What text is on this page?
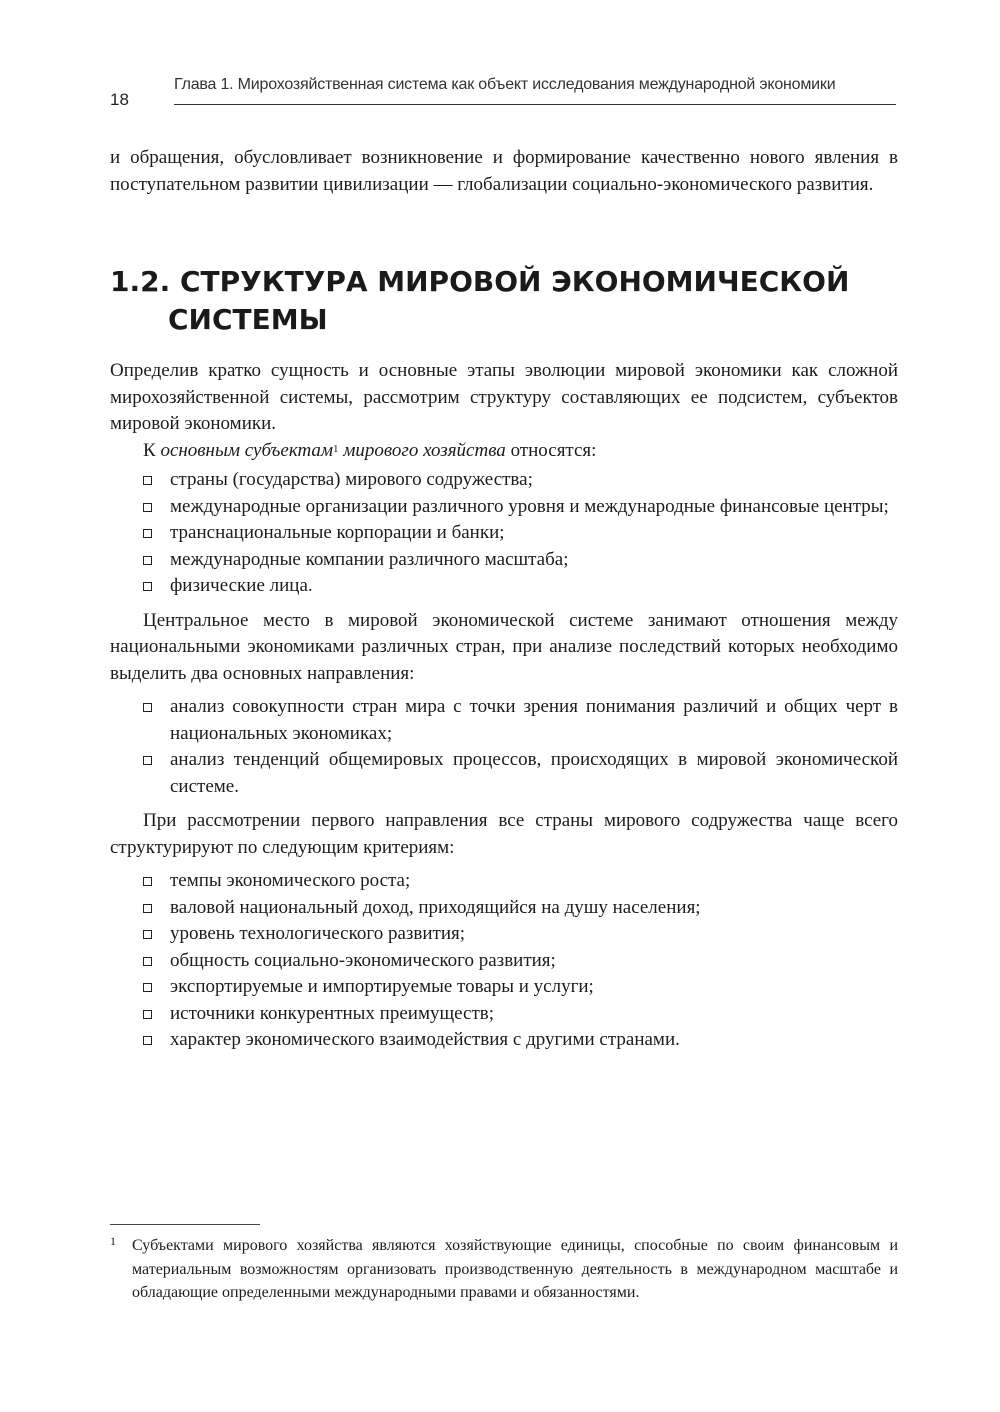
18
Глава 1. Мирохозяйственная система как объект исследования международной экономики

и обращения, обусловливает возникновение и формирование качественно нового явления в поступательном развитии цивилизации — глобализации социально-экономического развития.

1.2. СТРУКТУРА МИРОВОЙ ЭКОНОМИЧЕСКОЙ
СИСТЕМЫ

Определив кратко сущность и основные этапы эволюции мировой экономики как сложной мирохозяйственной системы, рассмотрим структуру составляющих ее подсистем, субъектов мировой экономики.

К основным субъектам$^1$ мирового хозяйства относятся:

страны (государства) мирового содружества;
международные организации различного уровня и международные финансовые центры;
транснациональные корпорации и банки;
международные компании различного масштаба;
физические лица.

Центральное место в мировой экономической системе занимают отношения между национальными экономиками различных стран, при анализе последствий которых необходимо выделить два основных направления:

анализ совокупности стран мира с точки зрения понимания различий и общих черт в национальных экономиках;
анализ тенденций общемировых процессов, происходящих в мировой экономической системе.

При рассмотрении первого направления все страны мирового содружества чаще всего структурируют по следующим критериям:

темпы экономического роста;
валовой национальный доход, приходящийся на душу населения;
уровень технологического развития;
общность социально-экономического развития;
экспортируемые и импортируемые товары и услуги;
источники конкурентных преимуществ;
характер экономического взаимодействия с другими странами.
1	Субъектами мирового хозяйства являются хозяйствующие единицы, способные по своим финансовым и материальным возможностям организовать производственную деятельность в международном масштабе и обладающие определенными международными правами и обязанностями.
